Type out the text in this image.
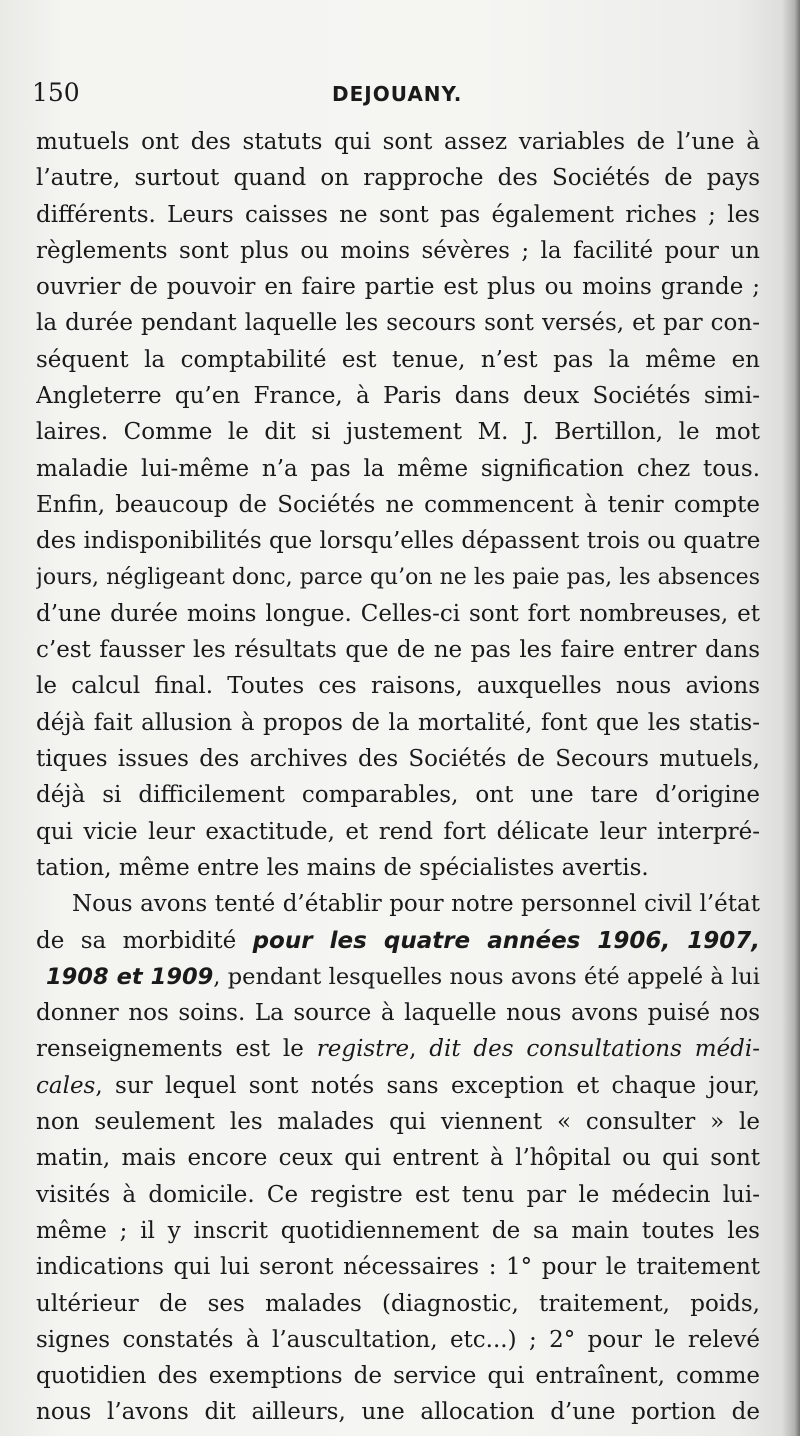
150	DEJOUANY.
mutuels ont des statuts qui sont assez variables de l’une à
l’autre, surtout quand on rapproche des Sociétés de pays
différents. Leurs caisses ne sont pas également riches ; les
règlements sont plus ou moins sévères ; la facilité pour un
ouvrier de pouvoir en faire partie est plus ou moins grande ;
la durée pendant laquelle les secours sont versés, et par con-
séquent la comptabilité est tenue, n’est pas la même en
Angleterre qu’en France, à Paris dans deux Sociétés simi-
laires. Comme le dit si justement M. J. Bertillon, le mot
maladie lui-même n’a pas la même signification chez tous.
Enfin, beaucoup de Sociétés ne commencent à tenir compte
des indisponibilités que lorsqu’elles dépassent trois ou quatre
jours, négligeant donc, parce qu’on ne les paie pas, les absences
d’une durée moins longue. Celles-ci sont fort nombreuses, et
c’est fausser les résultats que de ne pas les faire entrer dans
le calcul final. Toutes ces raisons, auxquelles nous avions
déjà fait allusion à propos de la mortalité, font que les statis-
tiques issues des archives des Sociétés de Secours mutuels,
déjà si difficilement comparables, ont une tare d’origine
qui vicie leur exactitude, et rend fort délicate leur interpré-
tation, même entre les mains de spécialistes avertis.
Nous avons tenté d’établir pour notre personnel civil l’état
de sa morbidité pour les quatre années 1906, 1907,
1908 et 1909, pendant lesquelles nous avons été appelé à lui
donner nos soins. La source à laquelle nous avons puisé nos
renseignements est le registre, dit des consultations médi-
cales, sur lequel sont notés sans exception et chaque jour,
non seulement les malades qui viennent « consulter » le
matin, mais encore ceux qui entrent à l’hôpital ou qui sont
visités à domicile. Ce registre est tenu par le médecin lui-
même ; il y inscrit quotidiennement de sa main toutes les
indications qui lui seront nécessaires : 1° pour le traitement
ultérieur de ses malades (diagnostic, traitement, poids,
signes constatés à l’auscultation, etc...) ; 2° pour le relevé
quotidien des exemptions de service qui entraînent, comme
nous l’avons dit ailleurs, une allocation d’une portion de
